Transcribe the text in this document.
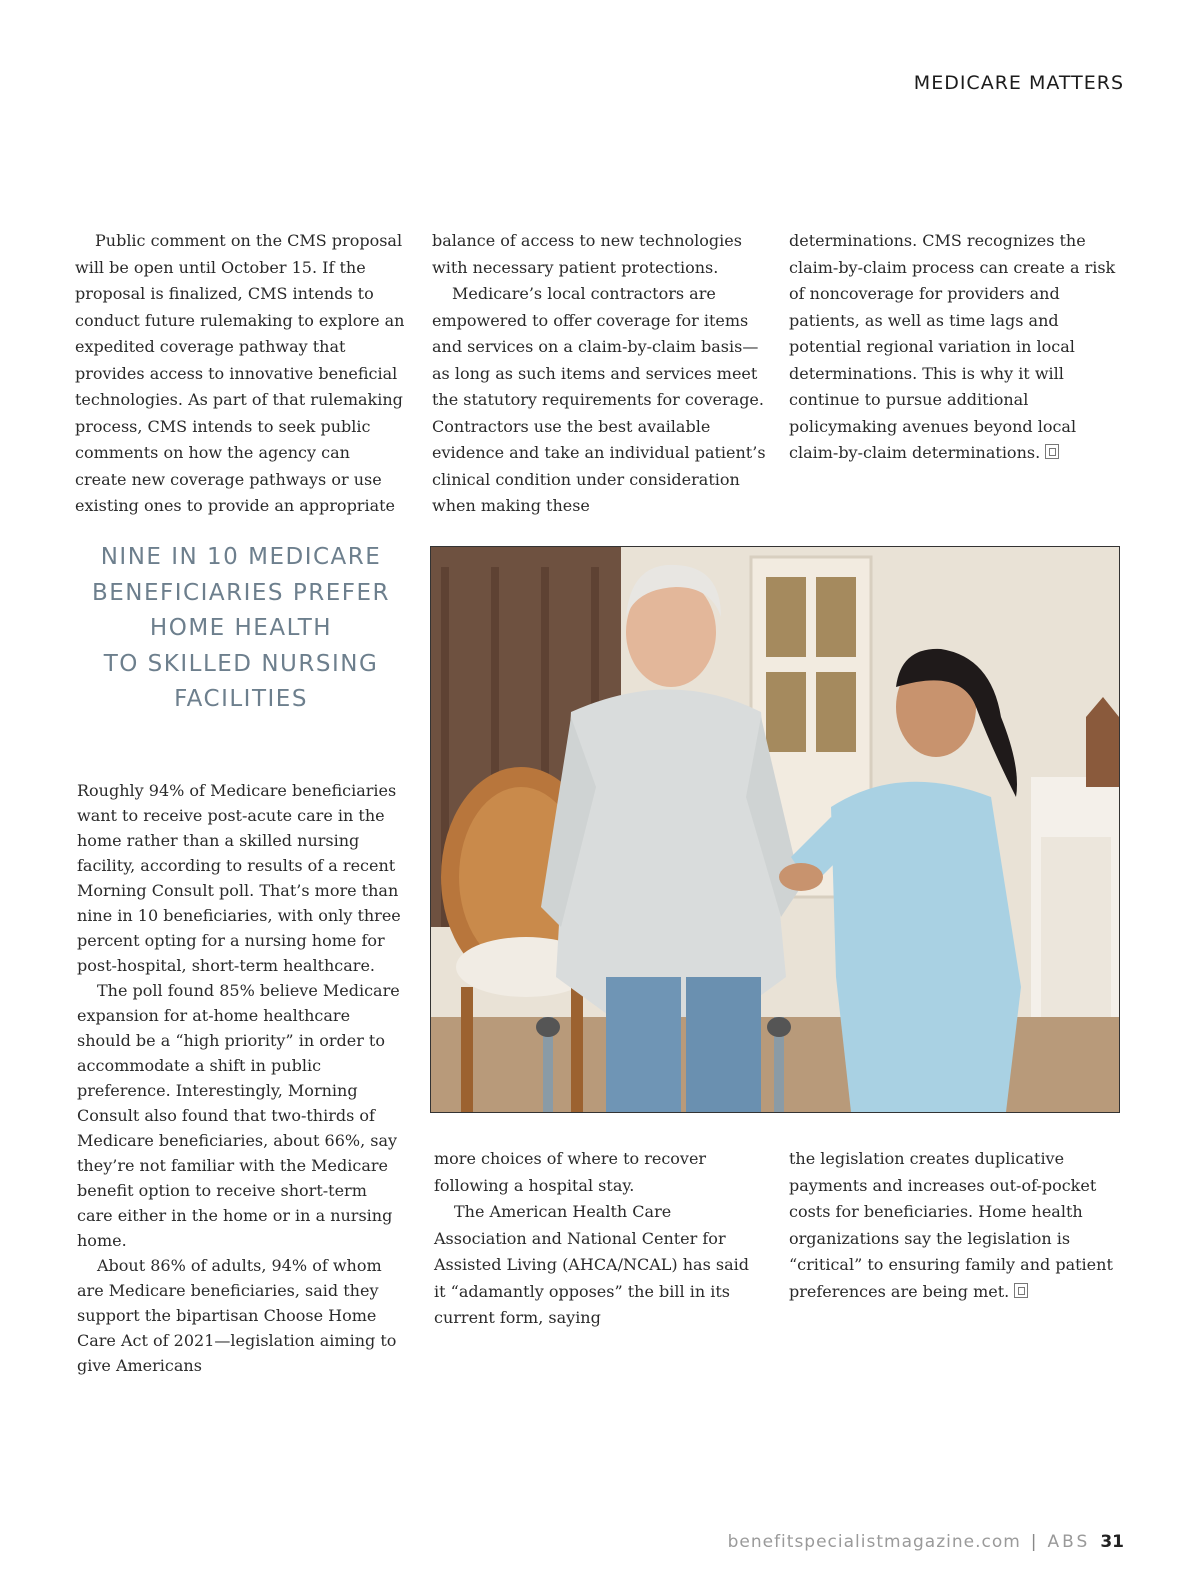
MEDICARE MATTERS

Public comment on the CMS proposal will be open until October 15. If the proposal is finalized, CMS intends to conduct future rulemaking to explore an expedited coverage pathway that provides access to innovative beneficial technologies. As part of that rulemaking process, CMS intends to seek public comments on how the agency can create new coverage pathways or use existing ones to provide an appropriate

balance of access to new technologies with necessary patient protections.

Medicare’s local contractors are empowered to offer coverage for items and services on a claim-by-claim basis—as long as such items and services meet the statutory requirements for coverage. Contractors use the best available evidence and take an individual patient’s clinical condition under consideration when making these

determinations. CMS recognizes the claim-by-claim process can create a risk of noncoverage for providers and patients, as well as time lags and potential regional variation in local determinations. This is why it will continue to pursue additional policymaking avenues beyond local claim-by-claim determinations.

NINE IN 10 MEDICARE
BENEFICIARIES PREFER
HOME HEALTH
TO SKILLED NURSING
FACILITIES

Roughly 94% of Medicare beneficiaries want to receive post-acute care in the home rather than a skilled nursing facility, according to results of a recent Morning Consult poll. That’s more than nine in 10 beneficiaries, with only three percent opting for a nursing home for post-hospital, short-term healthcare.

The poll found 85% believe Medicare expansion for at-home healthcare should be a “high priority” in order to accommodate a shift in public preference. Interestingly, Morning Consult also found that two-thirds of Medicare beneficiaries, about 66%, say they’re not familiar with the Medicare benefit option to receive short-term care either in the home or in a nursing home.

About 86% of adults, 94% of whom are Medicare beneficiaries, said they support the bipartisan Choose Home Care Act of 2021—legislation aiming to give Americans

more choices of where to recover following a hospital stay.

The American Health Care Association and National Center for Assisted Living (AHCA/NCAL) has said it “adamantly opposes” the bill in its current form, saying

the legislation creates duplicative payments and increases out-of-pocket costs for beneficiaries. Home health organizations say the legislation is “critical” to ensuring family and patient preferences are being met.

benefitspecialistmagazine.com | ABS 31
